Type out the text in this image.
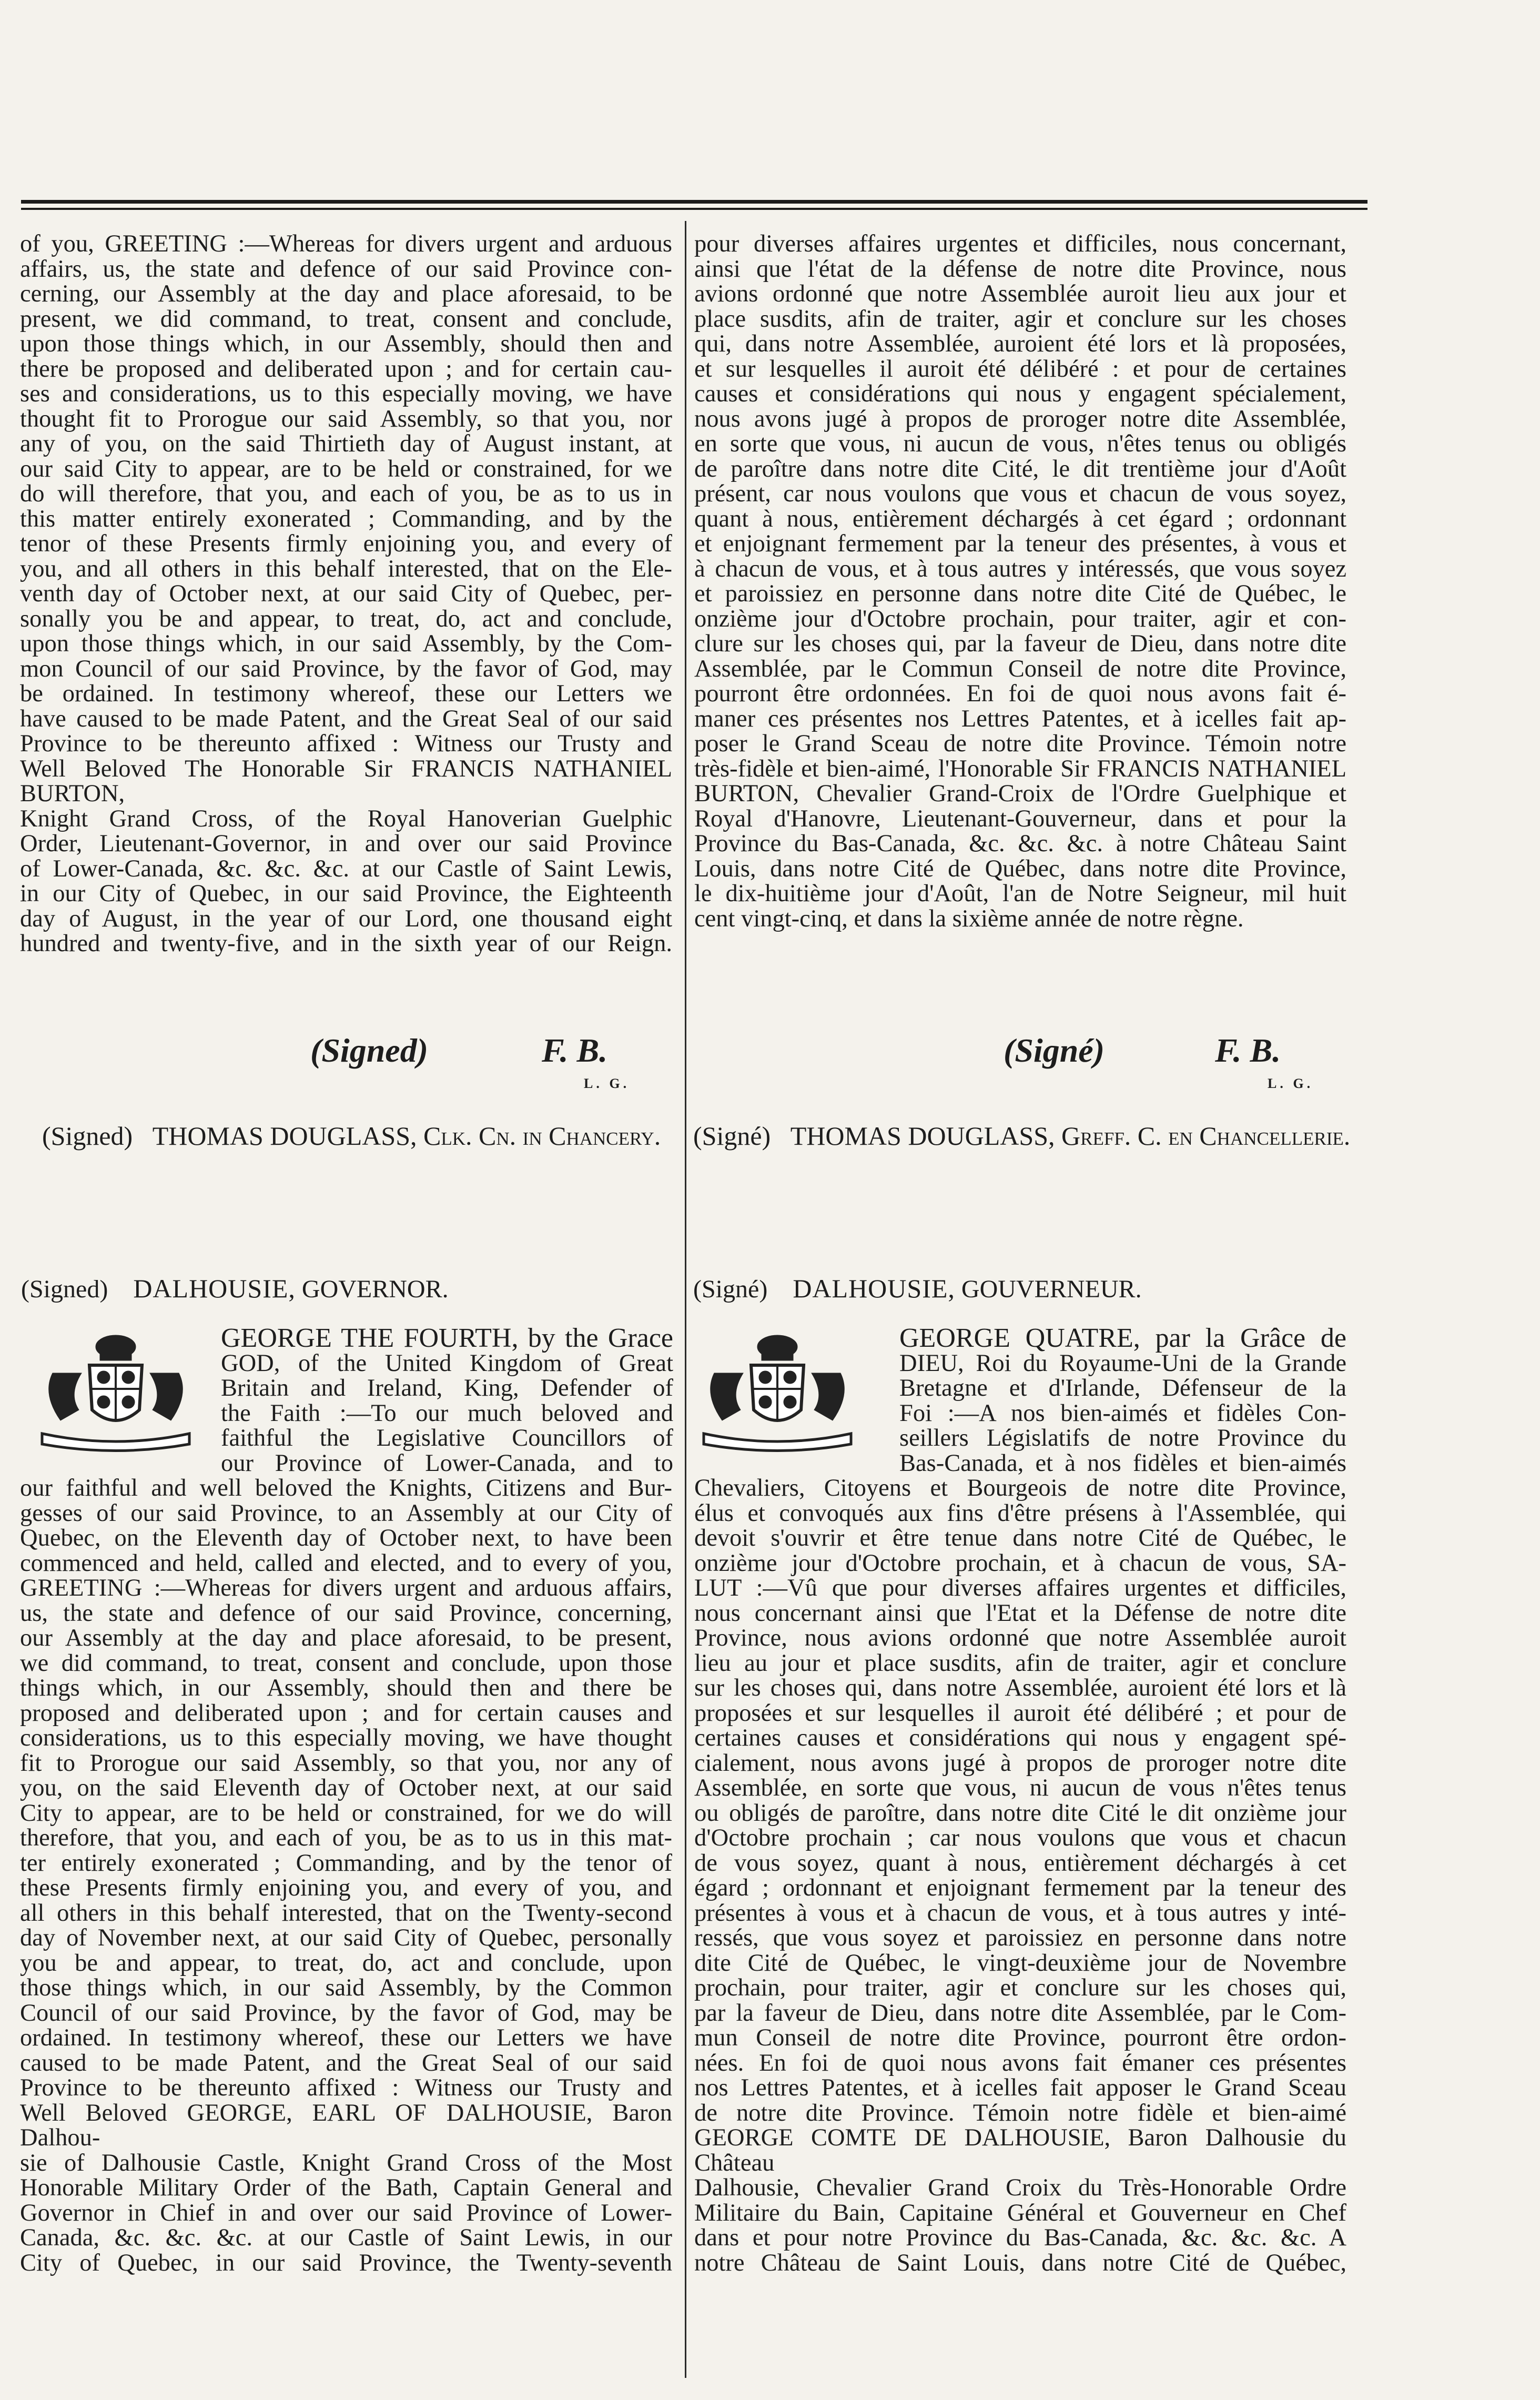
of you, GREETING :—Whereas for divers urgent and arduous
affairs, us, the state and defence of our said Province con-
cerning, our Assembly at the day and place aforesaid, to be
present, we did command, to treat, consent and conclude,
upon those things which, in our Assembly, should then and
there be proposed and deliberated upon ; and for certain cau-
ses and considerations, us to this especially moving, we have
thought fit to Prorogue our said Assembly, so that you, nor
any of you, on the said Thirtieth day of August instant, at
our said City to appear, are to be held or constrained, for we
do will therefore, that you, and each of you, be as to us in
this matter entirely exonerated ; Commanding, and by the
tenor of these Presents firmly enjoining you, and every of
you, and all others in this behalf interested, that on the Ele-
venth day of October next, at our said City of Quebec, per-
sonally you be and appear, to treat, do, act and conclude,
upon those things which, in our said Assembly, by the Com-
mon Council of our said Province, by the favor of God, may
be ordained. In testimony whereof, these our Letters we
have caused to be made Patent, and the Great Seal of our said
Province to be thereunto affixed : Witness our Trusty and
Well Beloved The Honorable Sir FRANCIS NATHANIEL BURTON,
Knight Grand Cross, of the Royal Hanoverian Guelphic
Order, Lieutenant-Governor, in and over our said Province
of Lower-Canada, &c. &c. &c. at our Castle of Saint Lewis,
in our City of Quebec, in our said Province, the Eighteenth
day of August, in the year of our Lord, one thousand eight
hundred and twenty-five, and in the sixth year of our Reign.

pour diverses affaires urgentes et difficiles, nous concernant,
ainsi que l'état de la défense de notre dite Province, nous
avions ordonné que notre Assemblée auroit lieu aux jour et
place susdits, afin de traiter, agir et conclure sur les choses
qui, dans notre Assemblée, auroient été lors et là proposées,
et sur lesquelles il auroit été délibéré : et pour de certaines
causes et considérations qui nous y engagent spécialement,
nous avons jugé à propos de proroger notre dite Assemblée,
en sorte que vous, ni aucun de vous, n'êtes tenus ou obligés
de paroître dans notre dite Cité, le dit trentième jour d'Août
présent, car nous voulons que vous et chacun de vous soyez,
quant à nous, entièrement déchargés à cet égard ; ordonnant
et enjoignant fermement par la teneur des présentes, à vous et
à chacun de vous, et à tous autres y intéressés, que vous soyez
et paroissiez en personne dans notre dite Cité de Québec, le
onzième jour d'Octobre prochain, pour traiter, agir et con-
clure sur les choses qui, par la faveur de Dieu, dans notre dite
Assemblée, par le Commun Conseil de notre dite Province,
pourront être ordonnées. En foi de quoi nous avons fait é-
maner ces présentes nos Lettres Patentes, et à icelles fait ap-
poser le Grand Sceau de notre dite Province. Témoin notre
très-fidèle et bien-aimé, l'Honorable Sir FRANCIS NATHANIEL
BURTON, Chevalier Grand-Croix de l'Ordre Guelphique et
Royal d'Hanovre, Lieutenant-Gouverneur, dans et pour la
Province du Bas-Canada, &c. &c. &c. à notre Château Saint
Louis, dans notre Cité de Québec, dans notre dite Province,
le dix-huitième jour d'Août, l'an de Notre Seigneur, mil huit
cent vingt-cinq, et dans la sixième année de notre règne.

(Signed)	F. B.
L. G.
(Signed) THOMAS DOUGLASS, Clk. Cn. in Chancery.
(Signé)	F. B.
L. G.
(Signé) THOMAS DOUGLASS, Greff. C. en Chancellerie.
(Signed) DALHOUSIE, GOVERNOR.	(Signé) DALHOUSIE, GOUVERNEUR.

GEORGE THE FOURTH, by the Grace
GOD, of the United Kingdom of Great
Britain and Ireland, King, Defender of
the Faith :—To our much beloved and
faithful the Legislative Councillors of
our Province of Lower-Canada, and to

our faithful and well beloved the Knights, Citizens and Bur-
gesses of our said Province, to an Assembly at our City of
Quebec, on the Eleventh day of October next, to have been
commenced and held, called and elected, and to every of you,
GREETING :—Whereas for divers urgent and arduous affairs,
us, the state and defence of our said Province, concerning,
our Assembly at the day and place aforesaid, to be present,
we did command, to treat, consent and conclude, upon those
things which, in our Assembly, should then and there be
proposed and deliberated upon ; and for certain causes and
considerations, us to this especially moving, we have thought
fit to Prorogue our said Assembly, so that you, nor any of
you, on the said Eleventh day of October next, at our said
City to appear, are to be held or constrained, for we do will
therefore, that you, and each of you, be as to us in this mat-
ter entirely exonerated ; Commanding, and by the tenor of
these Presents firmly enjoining you, and every of you, and
all others in this behalf interested, that on the Twenty-second
day of November next, at our said City of Quebec, personally
you be and appear, to treat, do, act and conclude, upon
those things which, in our said Assembly, by the Common
Council of our said Province, by the favor of God, may be
ordained. In testimony whereof, these our Letters we have
caused to be made Patent, and the Great Seal of our said
Province to be thereunto affixed : Witness our Trusty and
Well Beloved GEORGE, EARL OF DALHOUSIE, Baron Dalhou-
sie of Dalhousie Castle, Knight Grand Cross of the Most
Honorable Military Order of the Bath, Captain General and
Governor in Chief in and over our said Province of Lower-
Canada, &c. &c. &c. at our Castle of Saint Lewis, in our
City of Quebec, in our said Province, the Twenty-seventh

GEORGE QUATRE, par la Grâce de
DIEU, Roi du Royaume-Uni de la Grande
Bretagne et d'Irlande, Défenseur de la
Foi :—A nos bien-aimés et fidèles Con-
seillers Législatifs de notre Province du
Bas-Canada, et à nos fidèles et bien-aimés

Chevaliers, Citoyens et Bourgeois de notre dite Province,
élus et convoqués aux fins d'être présens à l'Assemblée, qui
devoit s'ouvrir et être tenue dans notre Cité de Québec, le
onzième jour d'Octobre prochain, et à chacun de vous, SA-
LUT :—Vû que pour diverses affaires urgentes et difficiles,
nous concernant ainsi que l'Etat et la Défense de notre dite
Province, nous avions ordonné que notre Assemblée auroit
lieu au jour et place susdits, afin de traiter, agir et conclure
sur les choses qui, dans notre Assemblée, auroient été lors et là
proposées et sur lesquelles il auroit été délibéré ; et pour de
certaines causes et considérations qui nous y engagent spé-
cialement, nous avons jugé à propos de proroger notre dite
Assemblée, en sorte que vous, ni aucun de vous n'êtes tenus
ou obligés de paroître, dans notre dite Cité le dit onzième jour
d'Octobre prochain ; car nous voulons que vous et chacun
de vous soyez, quant à nous, entièrement déchargés à cet
égard ; ordonnant et enjoignant fermement par la teneur des
présentes à vous et à chacun de vous, et à tous autres y inté-
ressés, que vous soyez et paroissiez en personne dans notre
dite Cité de Québec, le vingt-deuxième jour de Novembre
prochain, pour traiter, agir et conclure sur les choses qui,
par la faveur de Dieu, dans notre dite Assemblée, par le Com-
mun Conseil de notre dite Province, pourront être ordon-
nées. En foi de quoi nous avons fait émaner ces présentes
nos Lettres Patentes, et à icelles fait apposer le Grand Sceau
de notre dite Province. Témoin notre fidèle et bien-aimé
GEORGE COMTE DE DALHOUSIE, Baron Dalhousie du Château
Dalhousie, Chevalier Grand Croix du Très-Honorable Ordre
Militaire du Bain, Capitaine Général et Gouverneur en Chef
dans et pour notre Province du Bas-Canada, &c. &c. &c. A
notre Château de Saint Louis, dans notre Cité de Québec,
